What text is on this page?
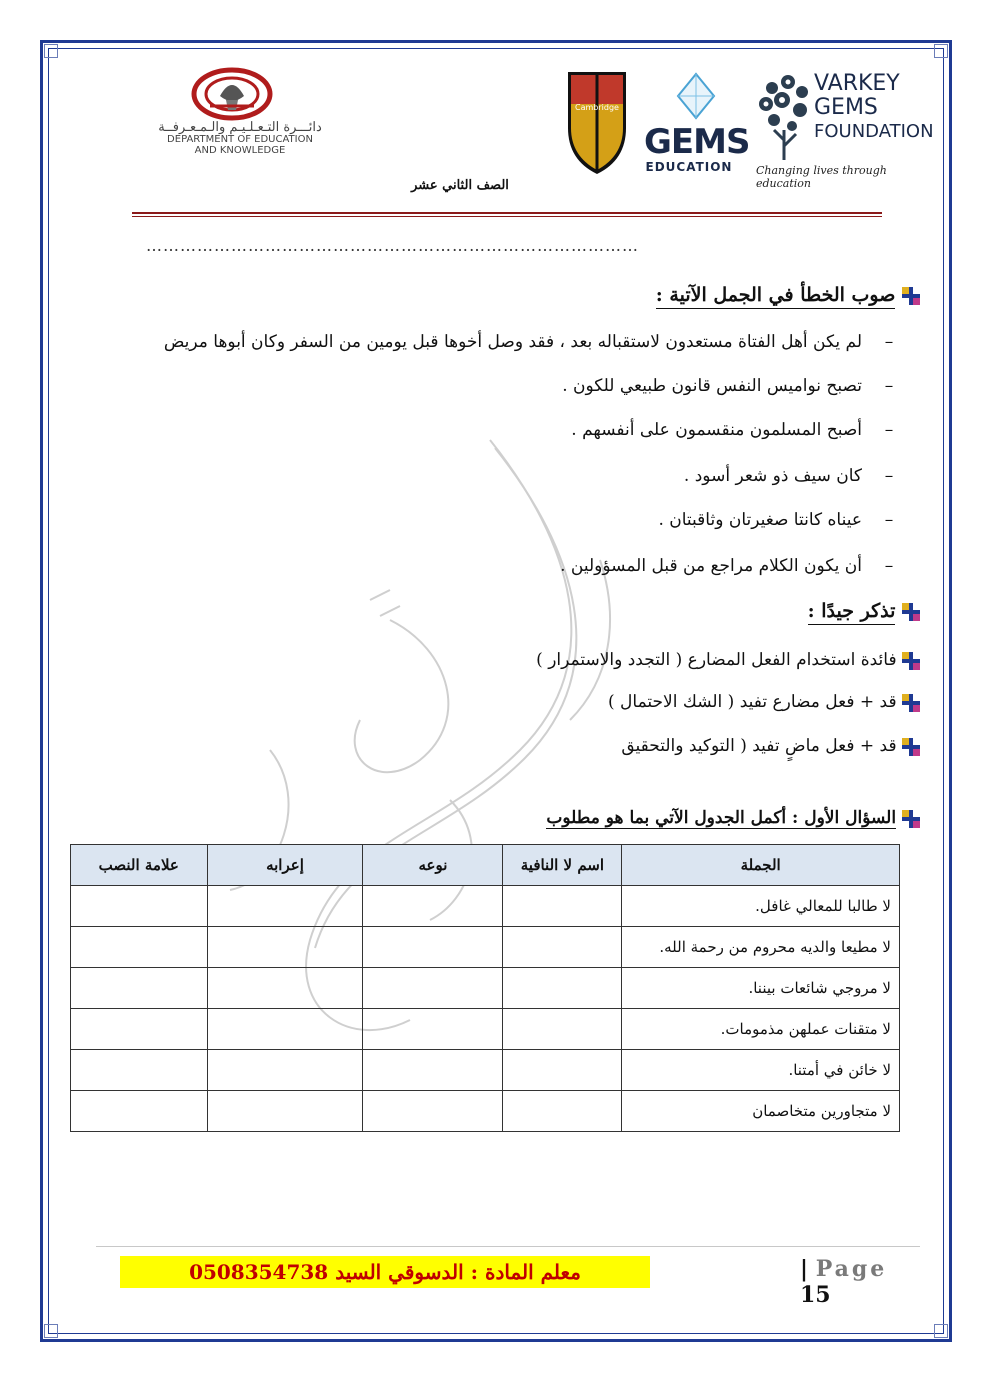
دائـــرة التـعـلـيـم والـمـعـرفــة
DEPARTMENT OF EDUCATION
AND KNOWLEDGE
الصف الثاني عشر
Cambridge
GEMS
EDUCATION
VARKEY
GEMS
FOUNDATION
Changing lives through education
……………………………………………………………………………
صوب الخطأ في الجمل الآتية :
–لم يكن أهل الفتاة مستعدون لاستقباله بعد ، فقد وصل أخوها قبل يومين من السفر وكان أبوها مريض
–تصبح نواميس النفس قانون طبيعي للكون .
–أصبح المسلمون منقسمون على أنفسهم .
–كان سيف ذو شعر أسود .
–عيناه كانتا صغيرتان وثاقبتان .
–أن يكون الكلام مراجع من قبل المسؤولين .
تذكر جيدًا :
فائدة استخدام الفعل المضارع ( التجدد والاستمرار )
قد + فعل مضارع تفيد ( الشك الاحتمال )
قد + فعل ماضٍ تفيد ( التوكيد والتحقيق
السؤال الأول : أكمل الجدول الآتي بما هو مطلوب
الجملة	اسم لا النافية	نوعه	إعرابه	علامة النصب
لا طالبا للمعالي غافل.				
لا مطيعا والديه محروم من رحمة الله.				
لا مروجي شائعات بيننا.				
لا متقنات عملهن مذمومات.				
لا خائن في أمتنا.				
لا متجاورين متخاصمان				
| Page 15
معلم المادة : الدسوقي السيد 0508354738
